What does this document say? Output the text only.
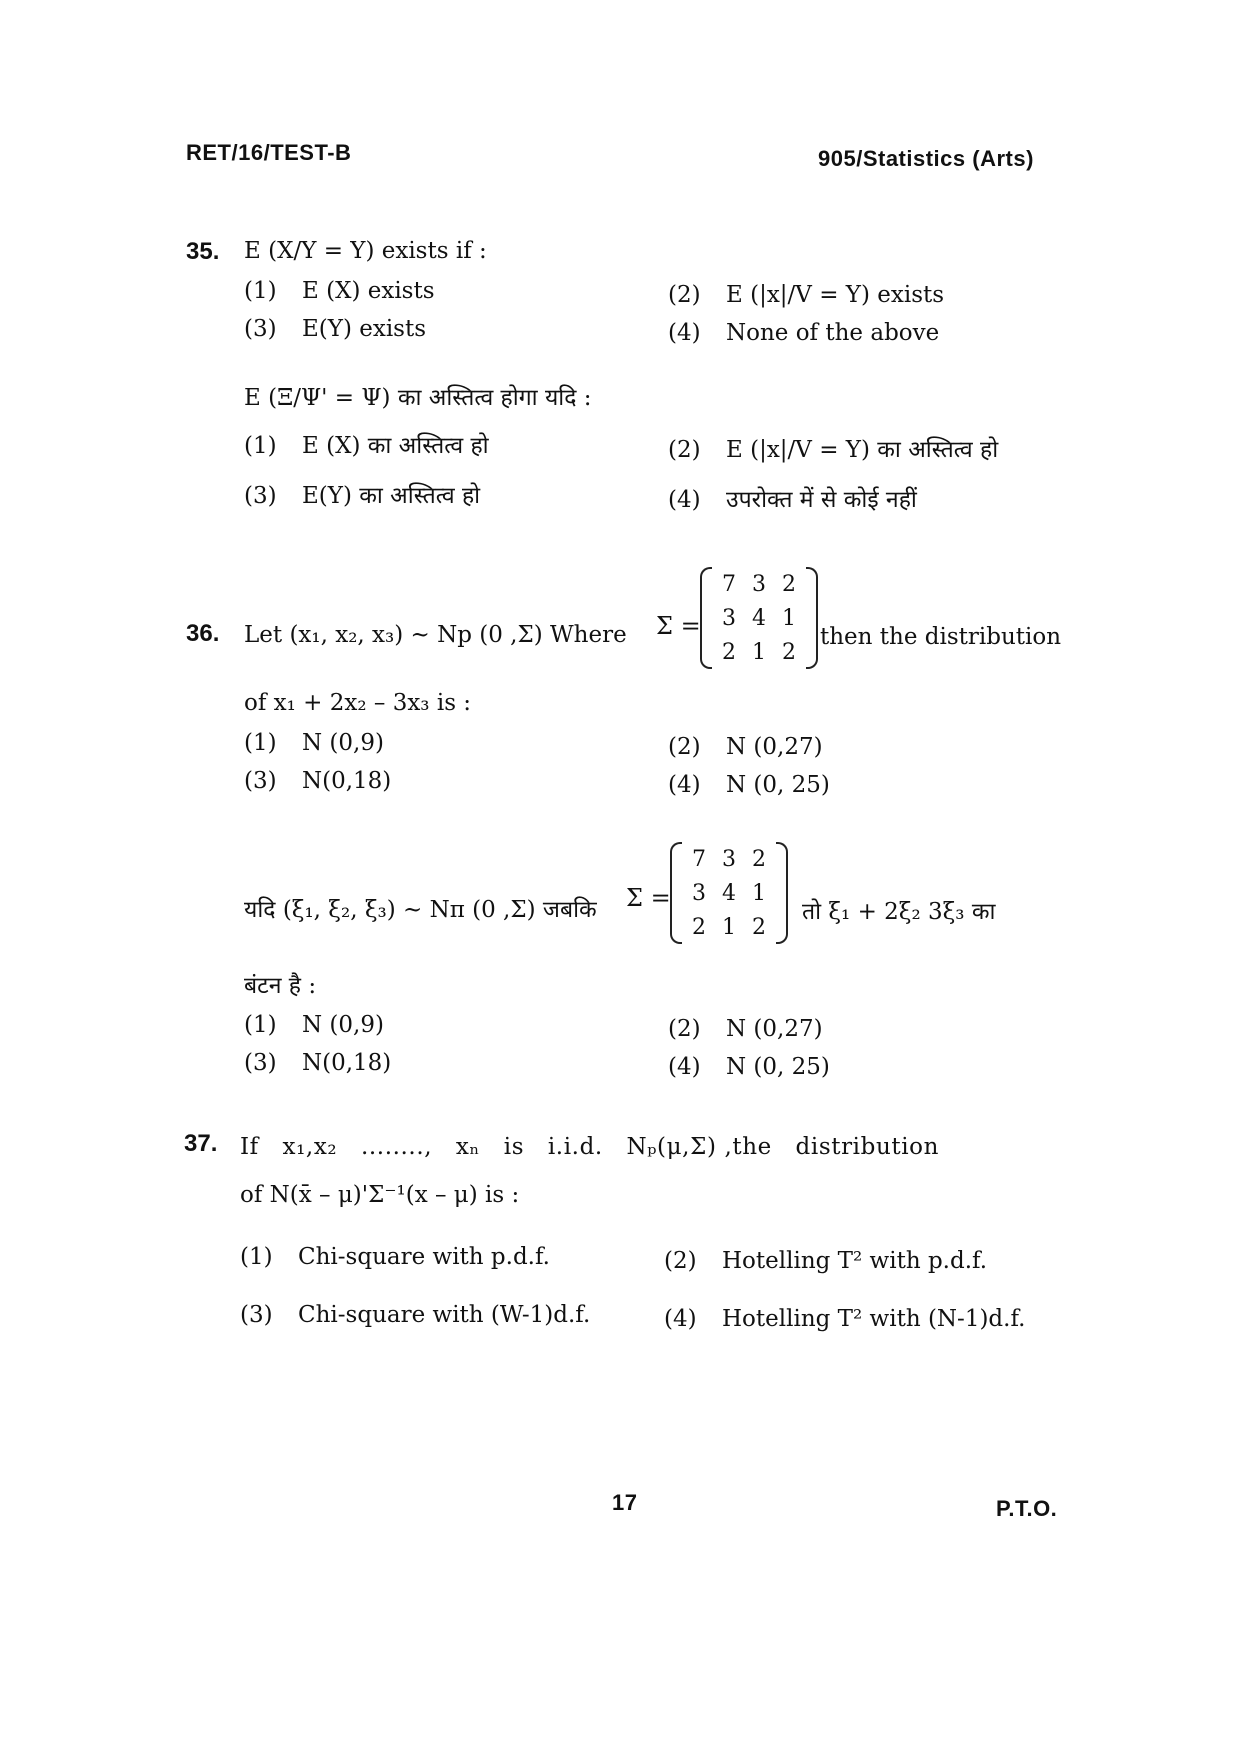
RET/16/TEST-B	905/Statistics (Arts)
35. E (X/Y = Y) exists if :
(1) E (X) exists	(2) E (|x|/V = Y) exists
(3) E(Y) exists	(4) None of the above
E (Ξ/Ψ' = Ψ) का अस्तित्व होगा यदि :
(1) E (X) का अस्तित्व हो	(2) E (|x|/V = Y) का अस्तित्व हो
(3) E(Y) का अस्तित्व हो	(4) उपरोक्त में से कोई नहीं
36. Let (x₁, x₂, x₃) ~ Np (0 ,Σ) Where Σ =
7	3	2
3	4	1
2	1	2
then the distribution
of x₁ + 2x₂ – 3x₃ is :
(1) N (0,9)	(2) N (0,27)
(3) N(0,18)	(4) N (0, 25)
यदि (ξ₁, ξ₂, ξ₃) ~ Nπ (0 ,Σ) जबकि Σ =
7	3	2
3	4	1
2	1	2
तो ξ₁ + 2ξ₂ 3ξ₃ का
बंटन है :
(1) N (0,9)	(2) N (0,27)
(3) N(0,18)	(4) N (0, 25)
37. If   x₁,x₂   ........,   xₙ   is   i.i.d.   Nₚ(μ,Σ) ,the   distribution
of N(x̄ – μ)'Σ⁻¹(x – μ) is :
(1) Chi-square with p.d.f.	(2) Hotelling T² with p.d.f.
(3) Chi-square with (W-1)d.f.	(4) Hotelling T² with (N-1)d.f.
17	P.T.O.
